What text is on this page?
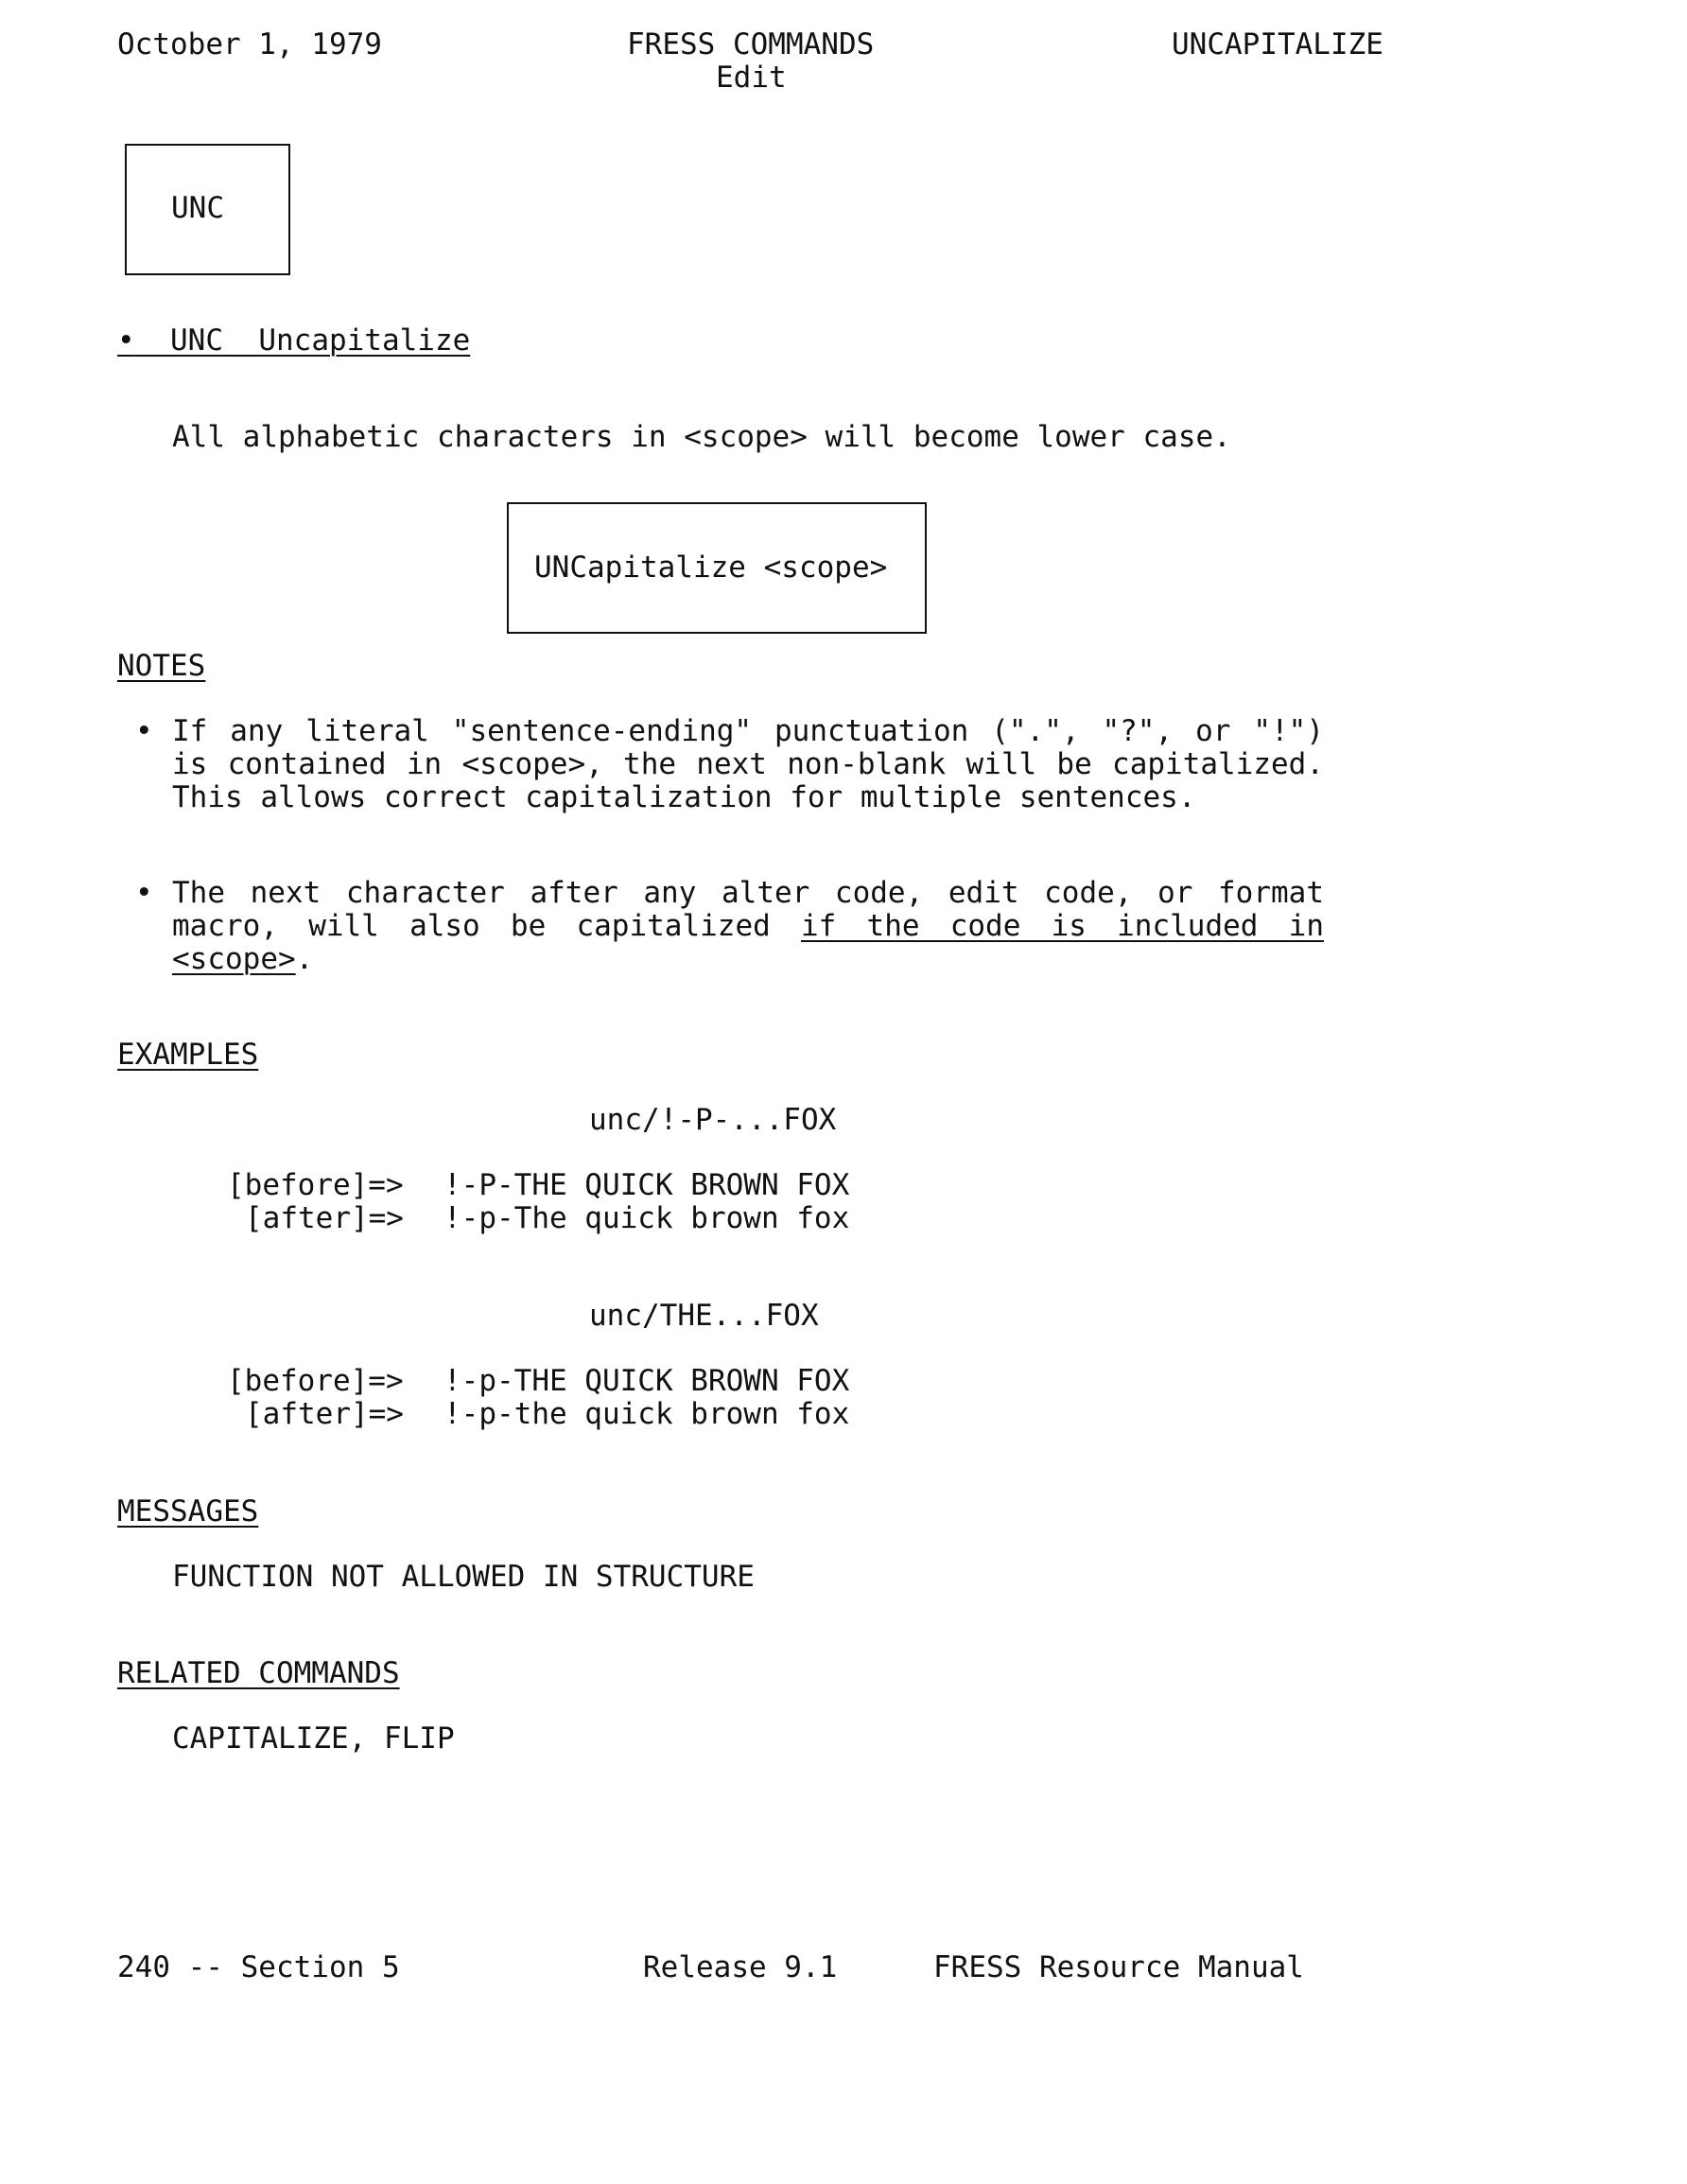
October 1, 1979	FRESS COMMANDS
Edit
UNCAPITALIZE
UNC
• UNC Uncapitalize
All alphabetic characters in <scope> will become lower case.
UNCapitalize <scope>
NOTES
• If any literal "sentence-ending" punctuation (".", "?", or "!") is contained in <scope>, the next non-blank will be capitalized. This allows correct capitalization for multiple sentences.
• The next character after any alter code, edit code, or format macro, will also be capitalized if the code is included in <scope>.
EXAMPLES
unc/!-P-...FOX
[before]=> !-P-THE QUICK BROWN FOX
[after]=> !-p-The quick brown fox
unc/THE...FOX
[before]=> !-p-THE QUICK BROWN FOX
[after]=> !-p-the quick brown fox
MESSAGES
FUNCTION NOT ALLOWED IN STRUCTURE
RELATED COMMANDS
CAPITALIZE, FLIP
240 -- Section 5	Release 9.1	FRESS Resource Manual
